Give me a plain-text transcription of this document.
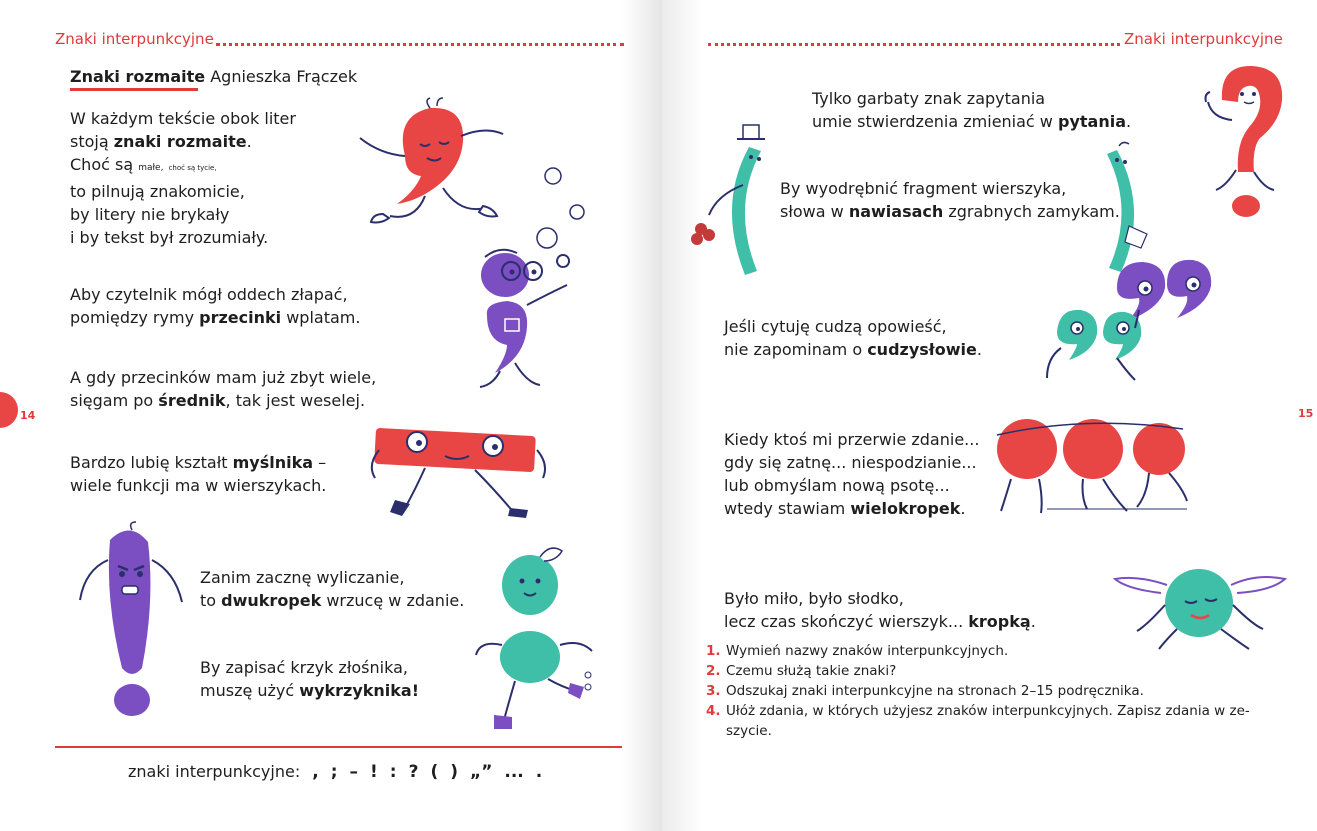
Znaki interpunkcyjne
Znaki rozmaite Agnieszka Frączek
W każdym tekście obok liter
stoją znaki rozmaite.
Choć są małe, choć są tycie,
to pilnują znakomicie,
by litery nie brykały
i by tekst był zrozumiały.
Aby czytelnik mógł oddech złapać,
pomiędzy rymy przecinki wplatam.
A gdy przecinków mam już zbyt wiele,
sięgam po średnik, tak jest weselej.
Bardzo lubię kształt myślnika –
wiele funkcji ma w wierszykach.
Zanim zacznę wyliczanie,
to dwukropek wrzucę w zdanie.
By zapisać krzyk złośnika,
muszę użyć wykrzyknika!
14
znaki interpunkcyjne: , ; – ! : ? ( ) „” ... .
Znaki interpunkcyjne
Tylko garbaty znak zapytania
umie stwierdzenia zmieniać w pytania.
By wyodrębnić fragment wierszyka,
słowa w nawiasach zgrabnych zamykam.
Jeśli cytuję cudzą opowieść,
nie zapominam o cudzysłowie.
Kiedy ktoś mi przerwie zdanie...
gdy się zatnę... niespodzianie...
lub obmyślam nową psotę...
wtedy stawiam wielokropek.
Było miło, było słodko,
lecz czas skończyć wierszyk... kropką.
15
1. Wymień nazwy znaków interpunkcyjnych.
2. Czemu służą takie znaki?
3. Odszukaj znaki interpunkcyjne na stronach 2–15 podręcznika.
4. Ułóż zdania, w których użyjesz znaków interpunkcyjnych. Zapisz zdania w ze-
szycie.
